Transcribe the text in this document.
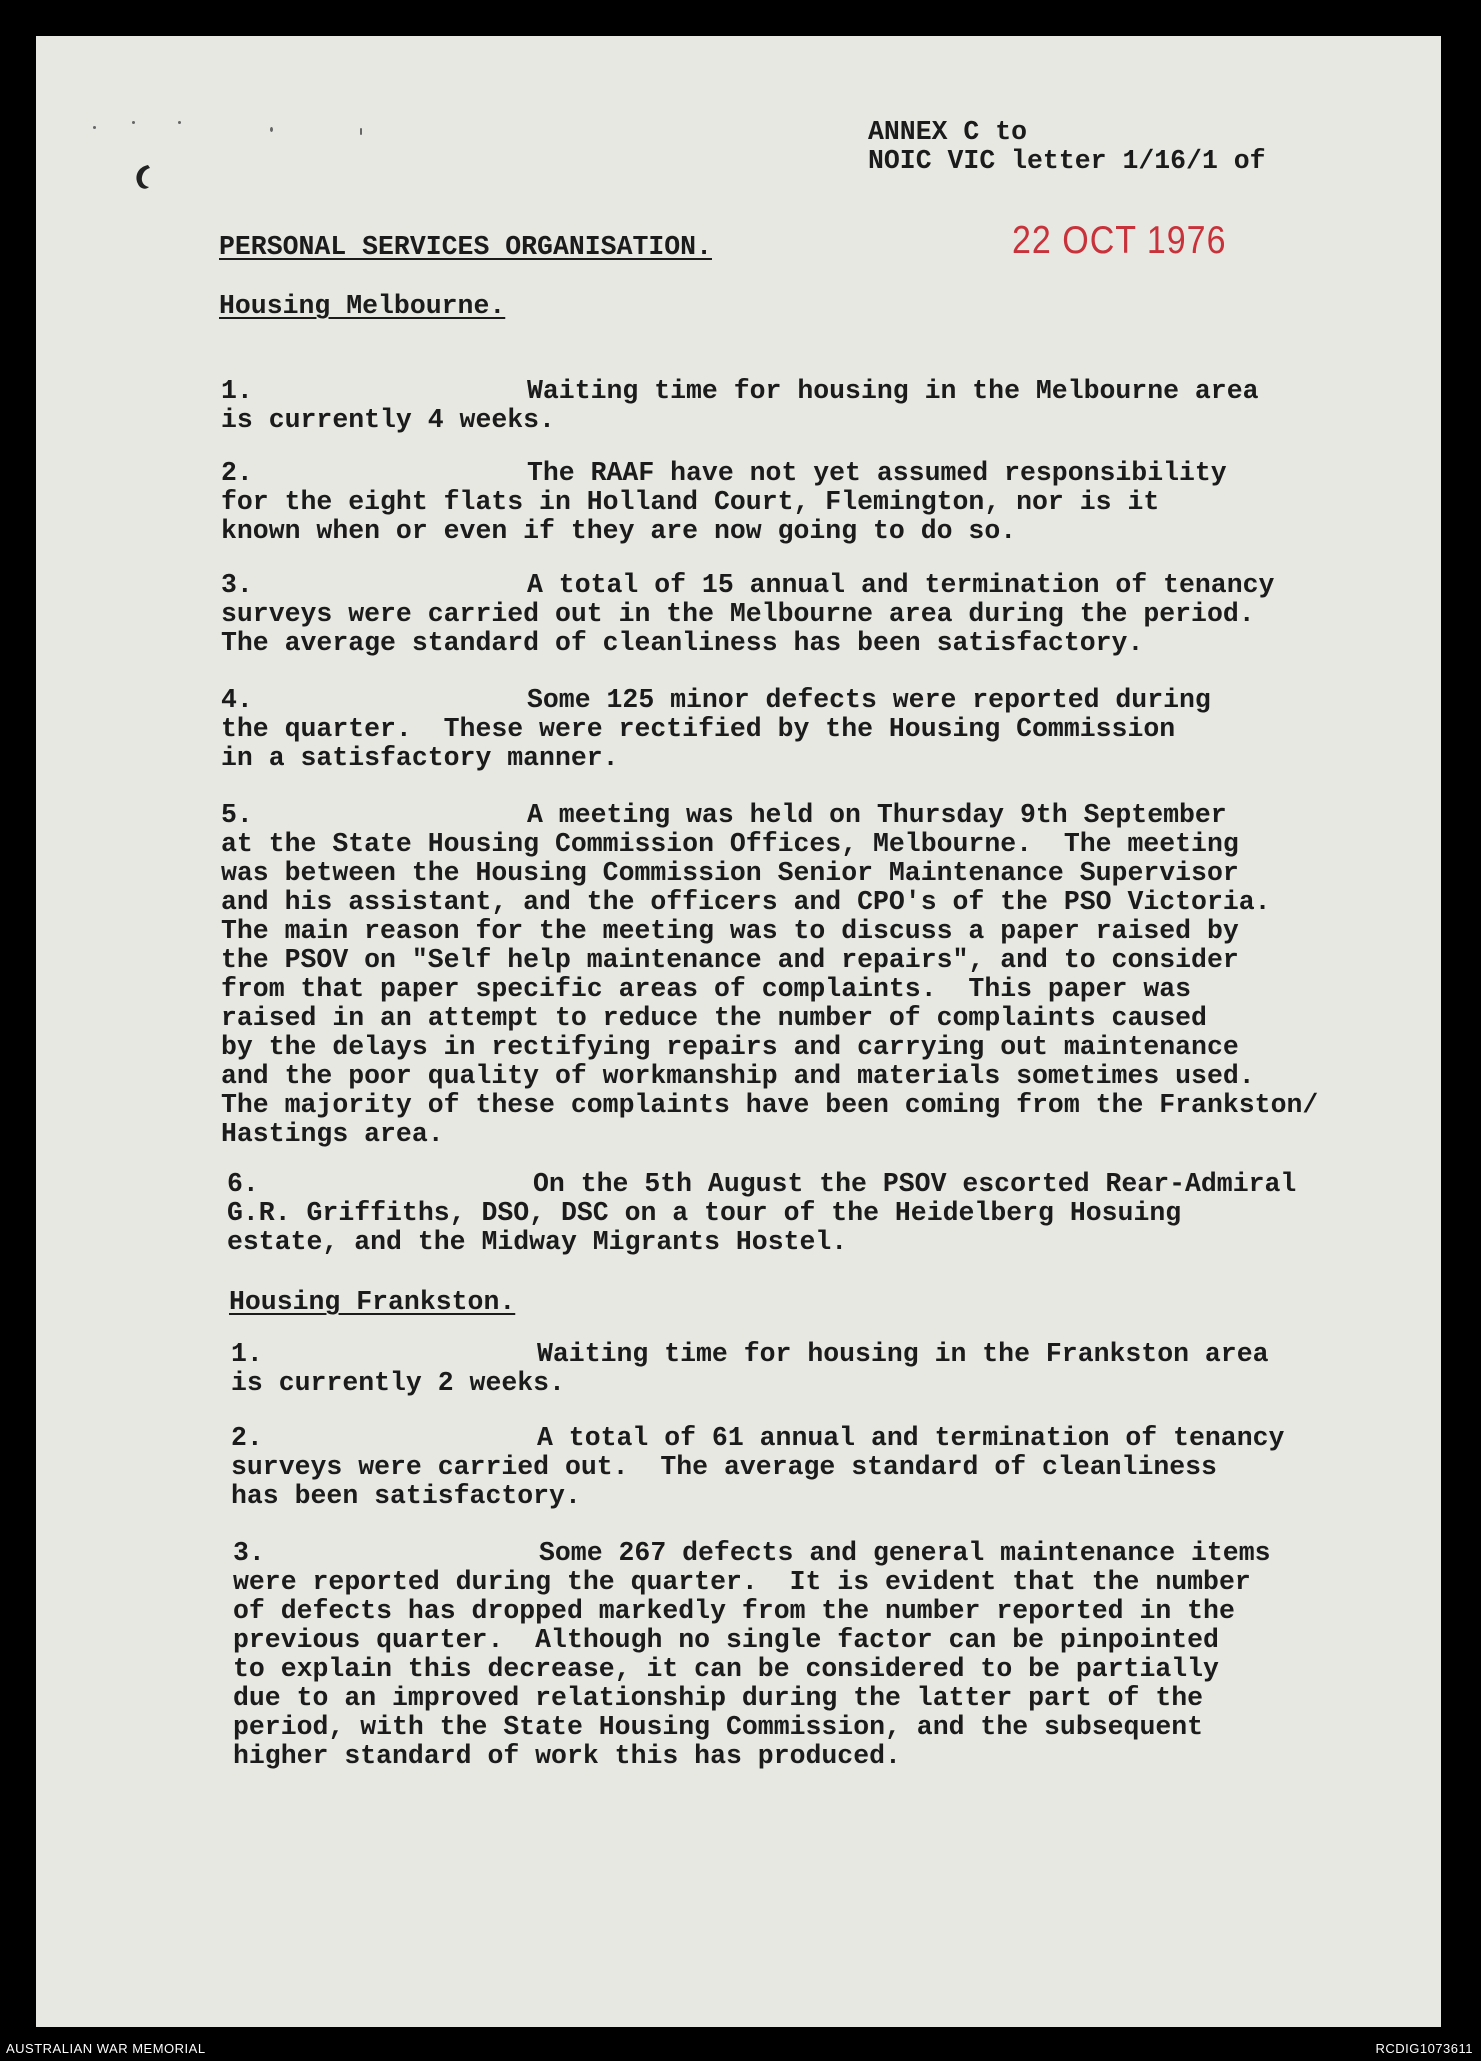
ANNEX C to
NOIC VIC letter 1/16/1 of
22 OCT 1976
PERSONAL SERVICES ORGANISATION.
Housing Melbourne.
1.	Waiting time for housing in the Melbourne area
is currently 4 weeks.
2.	The RAAF have not yet assumed responsibility
for the eight flats in Holland Court, Flemington, nor is it
known when or even if they are now going to do so.
3.	A total of 15 annual and termination of tenancy
surveys were carried out in the Melbourne area during the period.
The average standard of cleanliness has been satisfactory.
4.	Some 125 minor defects were reported during
the quarter.  These were rectified by the Housing Commission
in a satisfactory manner.
5.	A meeting was held on Thursday 9th September
at the State Housing Commission Offices, Melbourne.  The meeting
was between the Housing Commission Senior Maintenance Supervisor
and his assistant, and the officers and CPO's of the PSO Victoria.
The main reason for the meeting was to discuss a paper raised by
the PSOV on "Self help maintenance and repairs", and to consider
from that paper specific areas of complaints.  This paper was
raised in an attempt to reduce the number of complaints caused
by the delays in rectifying repairs and carrying out maintenance
and the poor quality of workmanship and materials sometimes used.
The majority of these complaints have been coming from the Frankston/
Hastings area.
6.	On the 5th August the PSOV escorted Rear-Admiral
G.R. Griffiths, DSO, DSC on a tour of the Heidelberg Hosuing
estate, and the Midway Migrants Hostel.
Housing Frankston.
1.	Waiting time for housing in the Frankston area
is currently 2 weeks.
2.	A total of 61 annual and termination of tenancy
surveys were carried out.  The average standard of cleanliness
has been satisfactory.
3.	Some 267 defects and general maintenance items
were reported during the quarter.  It is evident that the number
of defects has dropped markedly from the number reported in the
previous quarter.  Although no single factor can be pinpointed
to explain this decrease, it can be considered to be partially
due to an improved relationship during the latter part of the
period, with the State Housing Commission, and the subsequent
higher standard of work this has produced.
AUSTRALIAN WAR MEMORIAL	RCDIG1073611
